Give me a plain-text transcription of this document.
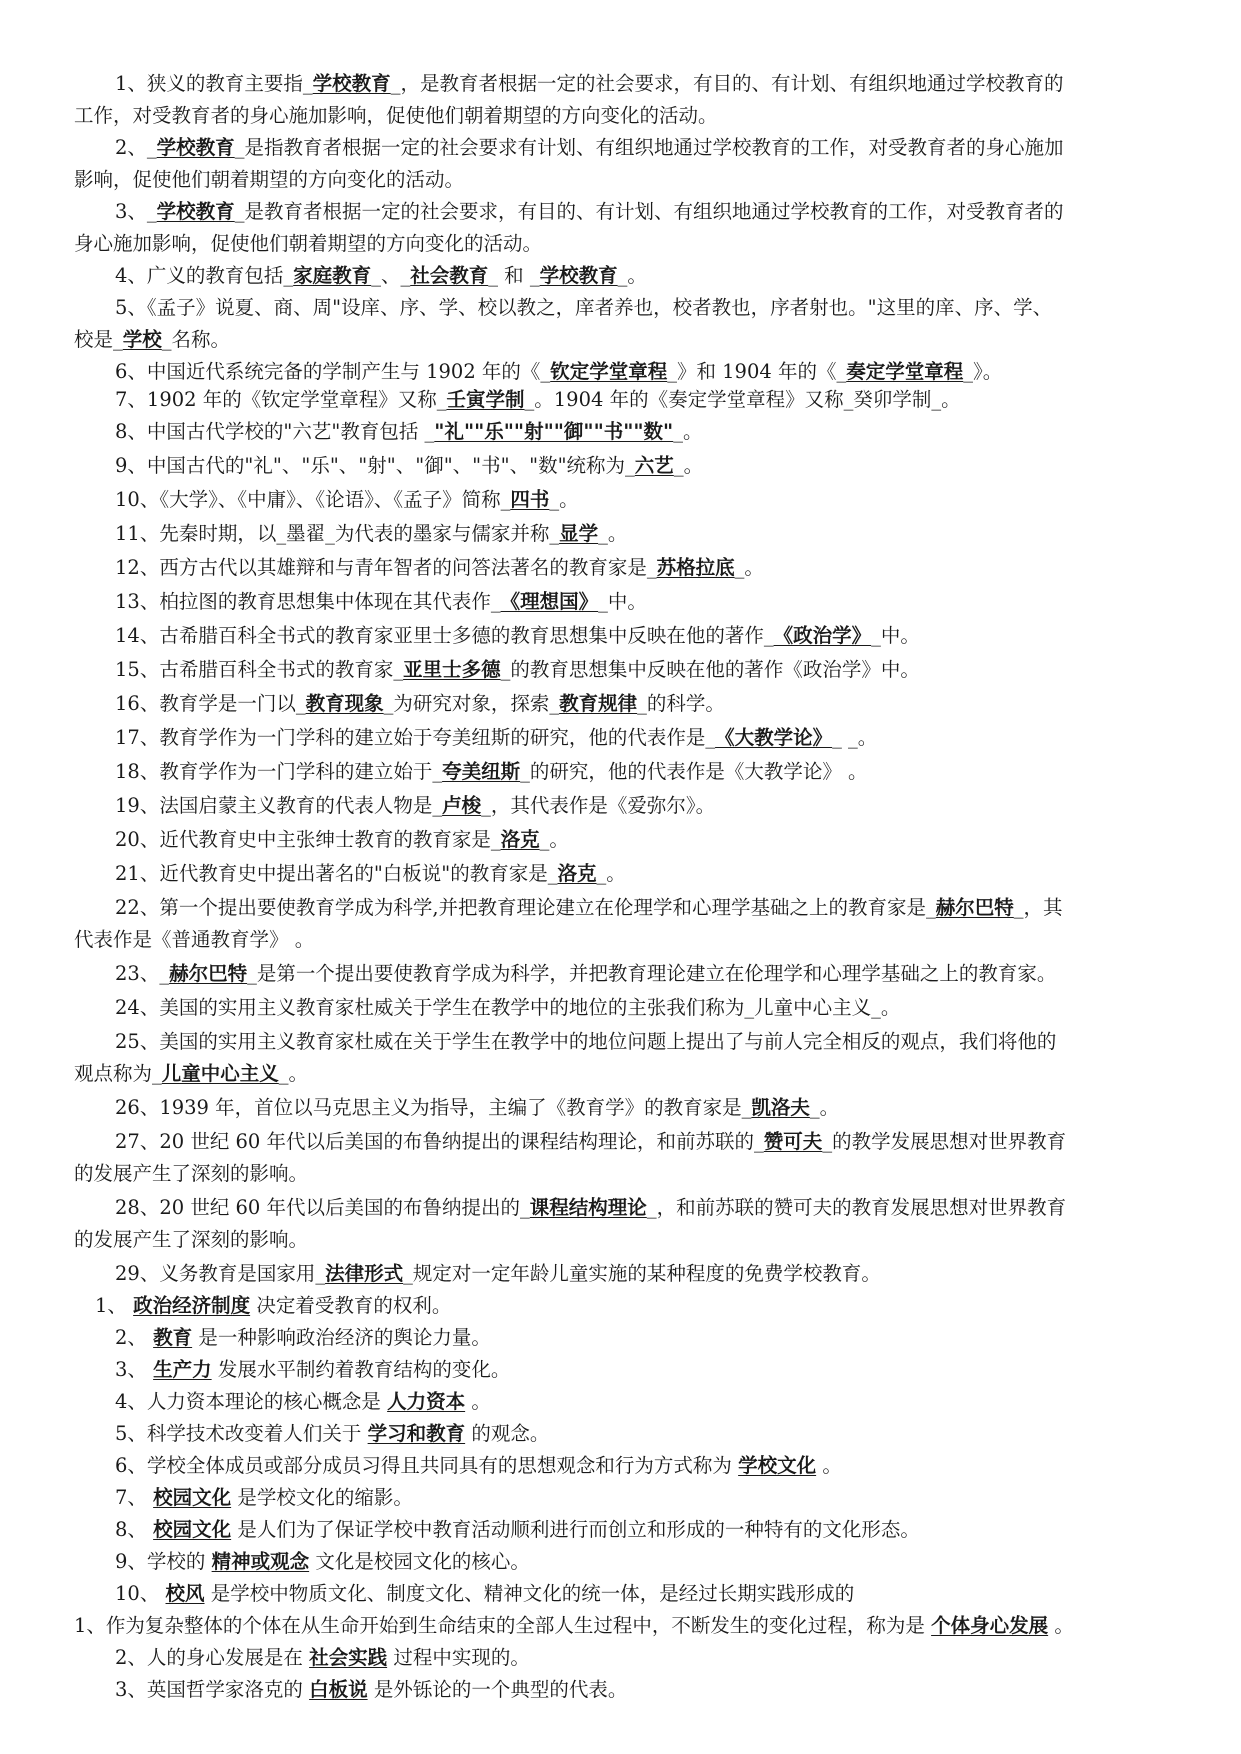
1、狭义的教育主要指_学校教育_，是教育者根据一定的社会要求，有目的、有计划、有组织地通过学校教育的
工作，对受教育者的身心施加影响，促使他们朝着期望的方向变化的活动。
2、_学校教育_是指教育者根据一定的社会要求有计划、有组织地通过学校教育的工作，对受教育者的身心施加
影响，促使他们朝着期望的方向变化的活动。
3、_学校教育_是教育者根据一定的社会要求，有目的、有计划、有组织地通过学校教育的工作，对受教育者的
身心施加影响，促使他们朝着期望的方向变化的活动。
4、广义的教育包括_家庭教育_、_社会教育_ 和 _学校教育_。
5、《孟子》说夏、商、周"设庠、序、学、校以教之，庠者养也，校者教也，序者射也。"这里的庠、序、学、
校是_学校_名称。
6、中国近代系统完备的学制产生与 1902 年的《_钦定学堂章程_》和 1904 年的《_奏定学堂章程_》。
7、1902 年的《钦定学堂章程》又称_壬寅学制_。1904 年的《奏定学堂章程》又称_癸卯学制_。
8、中国古代学校的"六艺"教育包括 _"礼""乐""射""御""书""数"_。
9、中国古代的"礼"、"乐"、"射"、"御"、"书"、"数"统称为_六艺_。
10、《大学》、《中庸》、《论语》、《孟子》简称_四书_。
11、先秦时期，以_墨翟_为代表的墨家与儒家并称_显学_。
12、西方古代以其雄辩和与青年智者的问答法著名的教育家是_苏格拉底_。
13、柏拉图的教育思想集中体现在其代表作_《理想国》_中。
14、古希腊百科全书式的教育家亚里士多德的教育思想集中反映在他的著作_《政治学》_中。
15、古希腊百科全书式的教育家_亚里士多德_的教育思想集中反映在他的著作《政治学》中。
16、教育学是一门以_教育现象_为研究对象，探索_教育规律_的科学。
17、教育学作为一门学科的建立始于夸美纽斯的研究，他的代表作是_《大教学论》_ _。
18、教育学作为一门学科的建立始于_夸美纽斯_的研究，他的代表作是《大教学论》 。
19、法国启蒙主义教育的代表人物是_卢梭_，其代表作是《爱弥尔》。
20、近代教育史中主张绅士教育的教育家是_洛克_。
21、近代教育史中提出著名的"白板说"的教育家是_洛克_。
22、第一个提出要使教育学成为科学,并把教育理论建立在伦理学和心理学基础之上的教育家是_赫尔巴特_，其
代表作是《普通教育学》 。
23、_赫尔巴特_是第一个提出要使教育学成为科学，并把教育理论建立在伦理学和心理学基础之上的教育家。
24、美国的实用主义教育家杜威关于学生在教学中的地位的主张我们称为_儿童中心主义_。
25、美国的实用主义教育家杜威在关于学生在教学中的地位问题上提出了与前人完全相反的观点，我们将他的
观点称为_儿童中心主义_。
26、1939 年，首位以马克思主义为指导，主编了《教育学》的教育家是_凯洛夫_。
27、20 世纪 60 年代以后美国的布鲁纳提出的课程结构理论，和前苏联的_赞可夫_的教学发展思想对世界教育
的发展产生了深刻的影响。
28、20 世纪 60 年代以后美国的布鲁纳提出的_课程结构理论_，和前苏联的赞可夫的教育发展思想对世界教育
的发展产生了深刻的影响。
29、义务教育是国家用_法律形式_规定对一定年龄儿童实施的某种程度的免费学校教育。
1、 政治经济制度 决定着受教育的权利。
2、 教育 是一种影响政治经济的舆论力量。
3、 生产力 发展水平制约着教育结构的变化。
4、人力资本理论的核心概念是 人力资本 。
5、科学技术改变着人们关于 学习和教育 的观念。
6、学校全体成员或部分成员习得且共同具有的思想观念和行为方式称为 学校文化 。
7、 校园文化 是学校文化的缩影。
8、 校园文化 是人们为了保证学校中教育活动顺利进行而创立和形成的一种特有的文化形态。
9、学校的 精神或观念 文化是校园文化的核心。
10、 校风 是学校中物质文化、制度文化、精神文化的统一体，是经过长期实践形成的
1、作为复杂整体的个体在从生命开始到生命结束的全部人生过程中，不断发生的变化过程，称为是 个体身心发展 。
2、人的身心发展是在 社会实践 过程中实现的。
3、英国哲学家洛克的 白板说 是外铄论的一个典型的代表。
